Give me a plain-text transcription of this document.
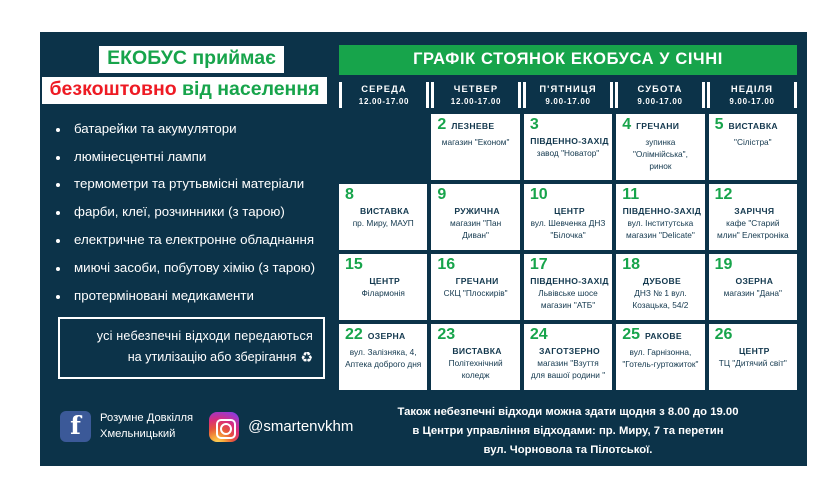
ЕКОБУС приймає безкоштовно від населення
батарейки та акумулятори
люмінесцентні лампи
термометри та ртутьвмісні матеріали
фарби, клеї, розчинники (з тарою)
електричне та електронне обладнання
миючі засоби, побутову хімію (з тарою)
протерміновані медикаменти
усі небезпечні відходи передаються
на утилізацію або зберігання ♻
f	Розумне Довкілля
Хмельницький	@smartenvkhm
ГРАФІК СТОЯНОК ЕКОБУСА У СІЧНІ
СЕРЕДА
12.00-17.00
ЧЕТВЕР
12.00-17.00
П'ЯТНИЦЯ
9.00-17.00
СУБОТА
9.00-17.00
НЕДІЛЯ
9.00-17.00
2 ЛЕЗНЕВЕ
магазин "Економ"
3
ПІВДЕННО-ЗАХІД
завод "Новатор"
4 ГРЕЧАНИ
зупинка "Олімнійська", ринок
5 ВИСТАВКА
"Сілістра"
8
ВИСТАВКА
пр. Миру, МАУП
9
РУЖИЧНА
магазин "Пан Диван"
10
ЦЕНТР
вул. Шевченка ДНЗ "Білочка"
11
ПІВДЕННО-ЗАХІД
вул. Інститутська магазин "Delicate"
12
ЗАРІЧЧЯ
кафе "Старий млин" Електроніка
15
ЦЕНТР
Філармонія
16
ГРЕЧАНИ
СКЦ "Плоскирів"
17
ПІВДЕННО-ЗАХІД
Львівське шосе магазин "АТБ"
18
ДУБОВЕ
ДНЗ № 1 вул. Козацька, 54/2
19
ОЗЕРНА
магазин "Дана"
22 ОЗЕРНА
вул. Залізняка, 4, Аптека доброго дня
23
ВИСТАВКА
Політехнічний коледж
24
ЗАГОТЗЕРНО
магазин "Взуття для вашої родини "
25 РАКОВЕ
вул. Гарнізонна, "Готель-гуртожиток"
26
ЦЕНТР
ТЦ "Дитячий світ"
Також небезпечні відходи можна здати щодня з 8.00 до 19.00
в Центри управління відходами: пр. Миру, 7 та перетин
вул. Чорновола та Пілотської.
